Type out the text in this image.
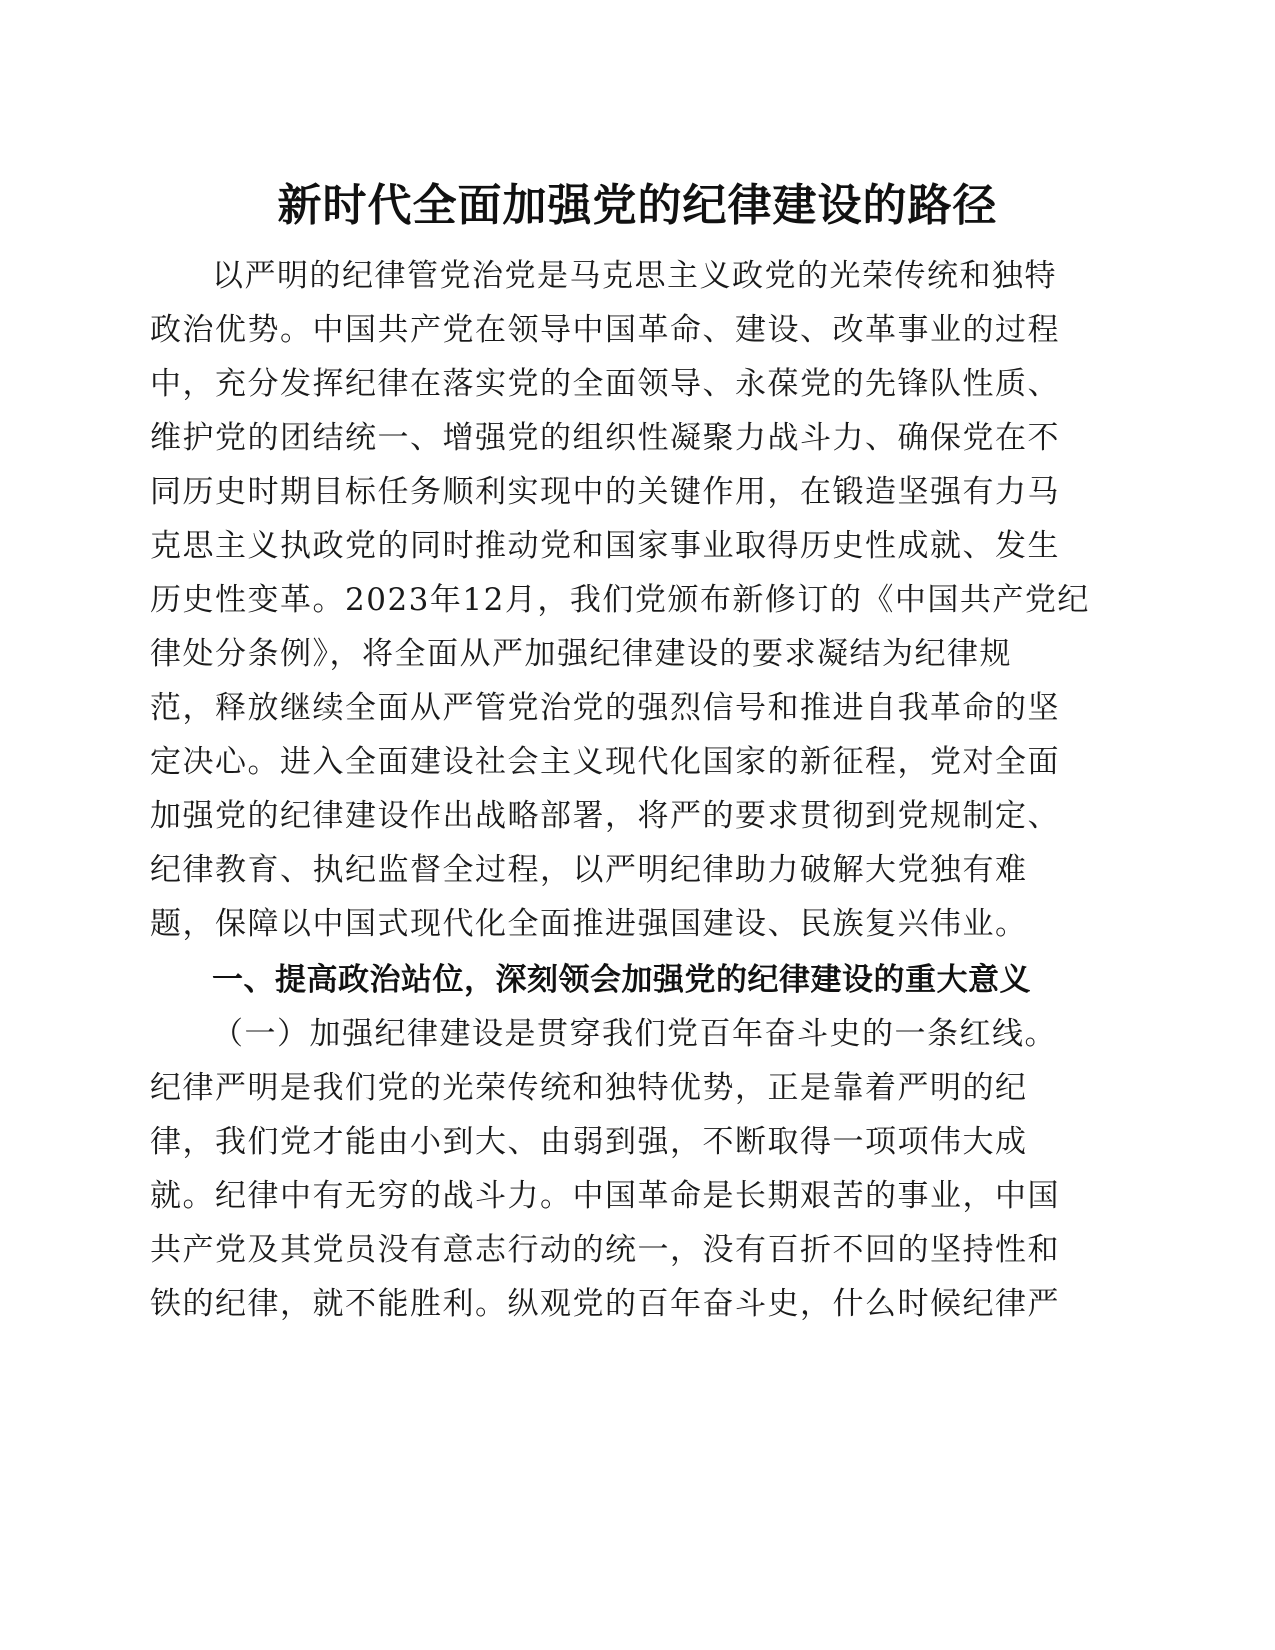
新时代全面加强党的纪律建设的路径
以严明的纪律管党治党是马克思主义政党的光荣传统和独特
政治优势。中国共产党在领导中国革命、建设、改革事业的过程
中，充分发挥纪律在落实党的全面领导、永葆党的先锋队性质、
维护党的团结统一、增强党的组织性凝聚力战斗力、确保党在不
同历史时期目标任务顺利实现中的关键作用，在锻造坚强有力马
克思主义执政党的同时推动党和国家事业取得历史性成就、发生
历史性变革。2023年12月，我们党颁布新修订的《中国共产党纪
律处分条例》，将全面从严加强纪律建设的要求凝结为纪律规
范，释放继续全面从严管党治党的强烈信号和推进自我革命的坚
定决心。进入全面建设社会主义现代化国家的新征程，党对全面
加强党的纪律建设作出战略部署，将严的要求贯彻到党规制定、
纪律教育、执纪监督全过程，以严明纪律助力破解大党独有难
题，保障以中国式现代化全面推进强国建设、民族复兴伟业。
一、提高政治站位，深刻领会加强党的纪律建设的重大意义
（一）加强纪律建设是贯穿我们党百年奋斗史的一条红线。
纪律严明是我们党的光荣传统和独特优势，正是靠着严明的纪
律，我们党才能由小到大、由弱到强，不断取得一项项伟大成
就。纪律中有无穷的战斗力。中国革命是长期艰苦的事业，中国
共产党及其党员没有意志行动的统一，没有百折不回的坚持性和
铁的纪律，就不能胜利。纵观党的百年奋斗史，什么时候纪律严
